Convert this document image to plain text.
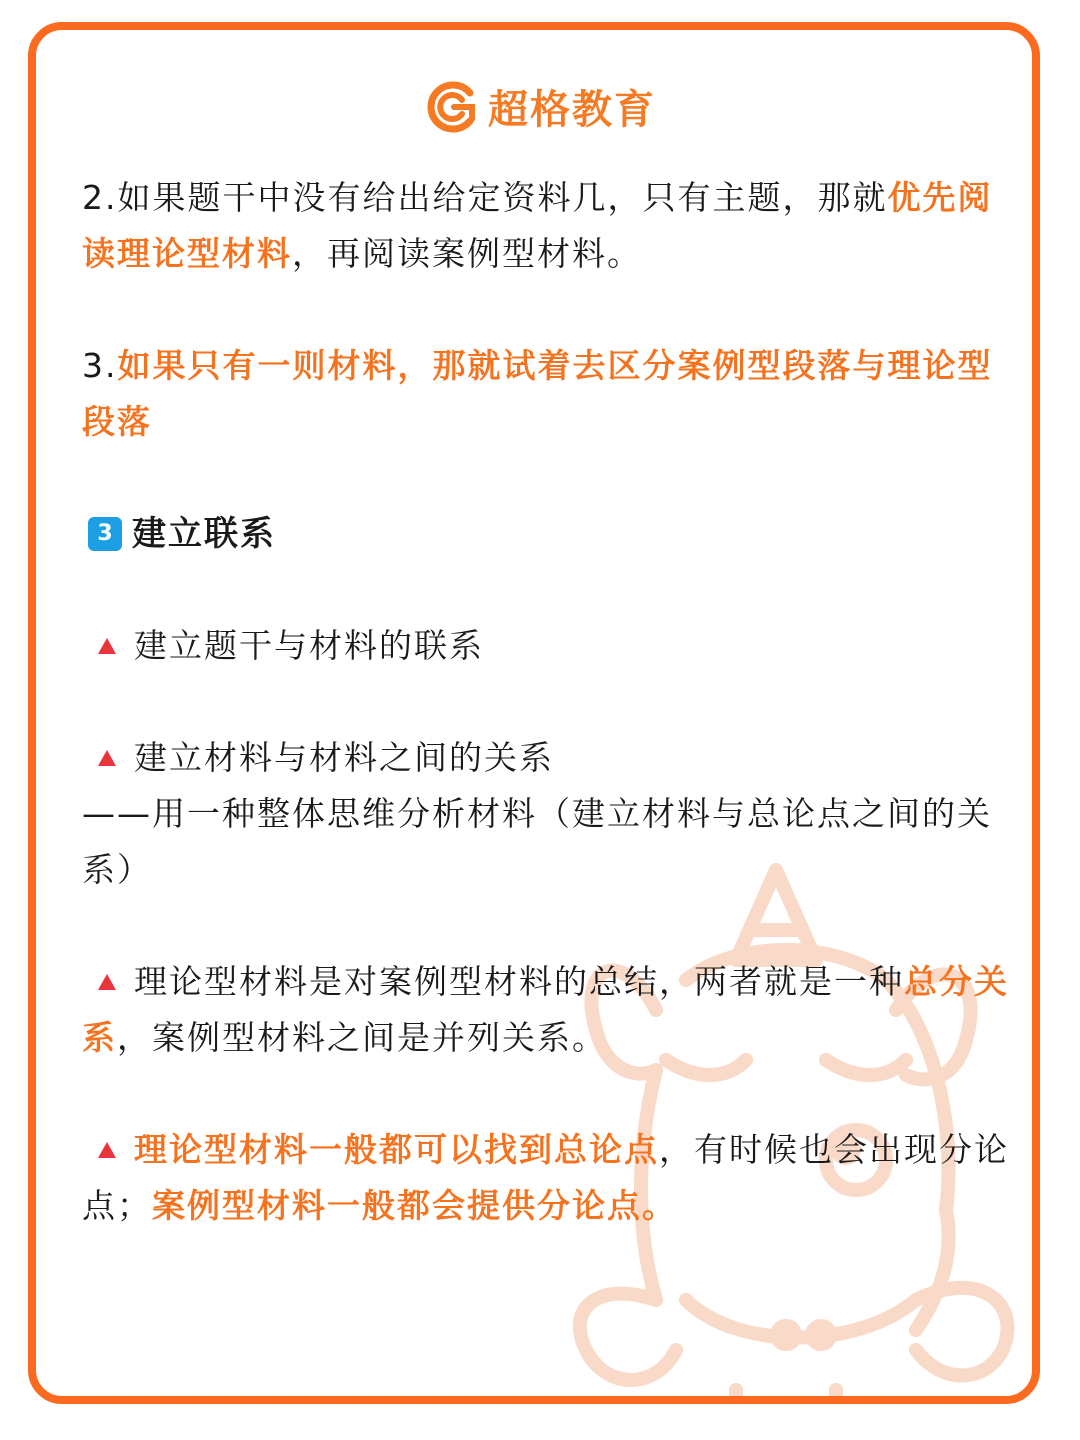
超格教育

2.如果题干中没有给出给定资料几，只有主题，那就优先阅读理论型材料，再阅读案例型材料。

3.如果只有一则材料，那就试着去区分案例型段落与理论型段落

3 建立联系

建立题干与材料的联系

建立材料与材料之间的关系
——用一种整体思维分析材料（建立材料与总论点之间的关系）

理论型材料是对案例型材料的总结，两者就是一种总分关系，案例型材料之间是并列关系。

理论型材料一般都可以找到总论点，有时候也会出现分论点；案例型材料一般都会提供分论点。
